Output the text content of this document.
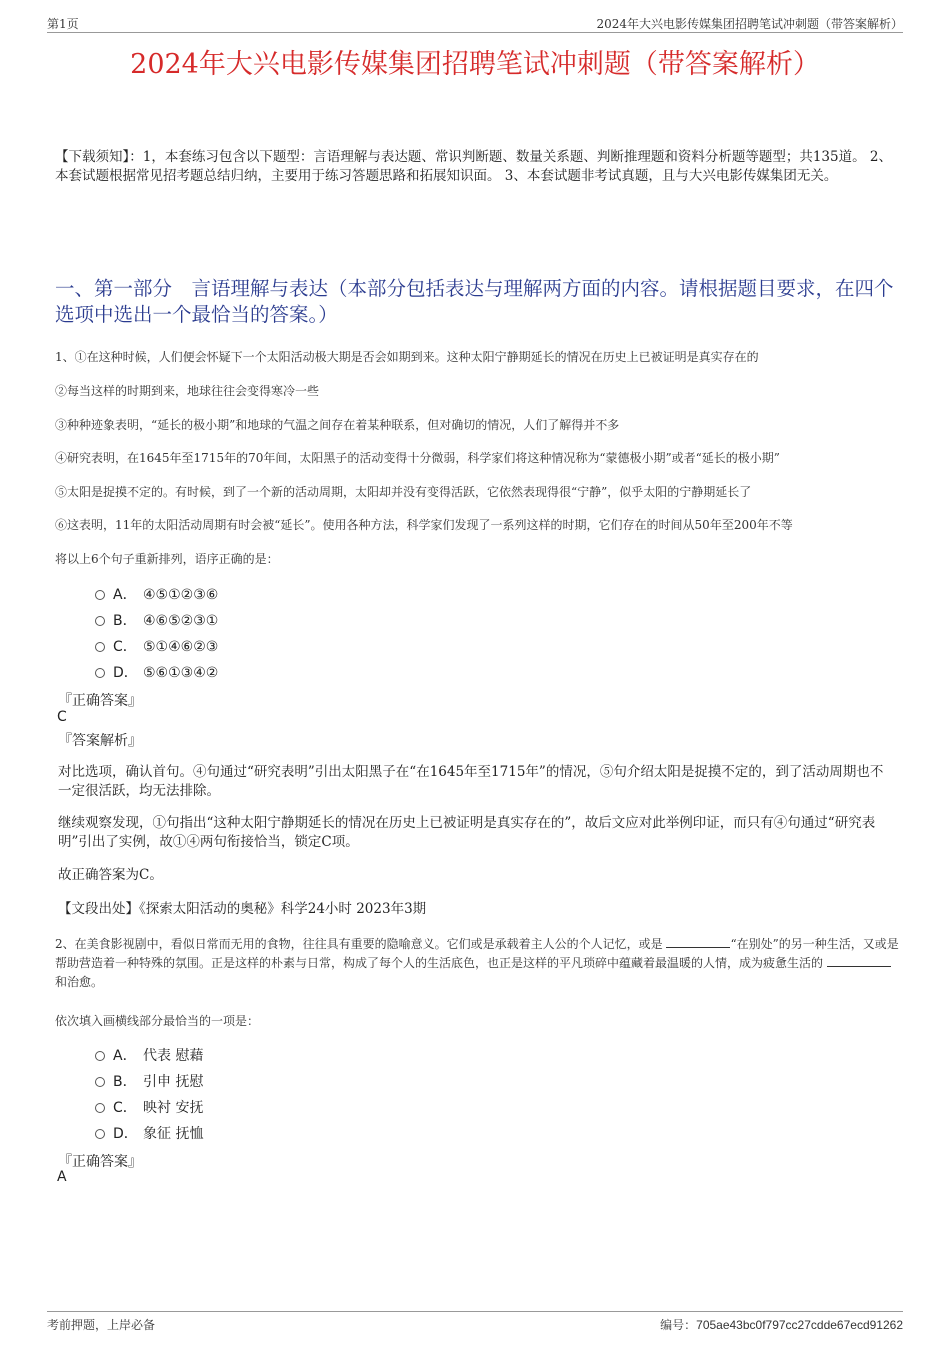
第1页	2024年大兴电影传媒集团招聘笔试冲刺题（带答案解析）
2024年大兴电影传媒集团招聘笔试冲刺题（带答案解析）
【下载须知】：1，本套练习包含以下题型：言语理解与表达题、常识判断题、数量关系题、判断推理题和资料分析题等题型；共135道。 2、本套试题根据常见招考题总结归纳，主要用于练习答题思路和拓展知识面。 3、本套试题非考试真题，且与大兴电影传媒集团无关。
一、第一部分　言语理解与表达（本部分包括表达与理解两方面的内容。请根据题目要求，在四个选项中选出一个最恰当的答案。）
1、①在这种时候，人们便会怀疑下一个太阳活动极大期是否会如期到来。这种太阳宁静期延长的情况在历史上已被证明是真实存在的
②每当这样的时期到来，地球往往会变得寒冷一些
③种种迹象表明，“延长的极小期”和地球的气温之间存在着某种联系，但对确切的情况，人们了解得并不多
④研究表明，在1645年至1715年的70年间，太阳黑子的活动变得十分微弱，科学家们将这种情况称为“蒙德极小期”或者“延长的极小期”
⑤太阳是捉摸不定的。有时候，到了一个新的活动周期，太阳却并没有变得活跃，它依然表现得很“宁静”，似乎太阳的宁静期延长了
⑥这表明，11年的太阳活动周期有时会被“延长”。使用各种方法，科学家们发现了一系列这样的时期，它们存在的时间从50年至200年不等
将以上6个句子重新排列，语序正确的是：
A． ④⑤①②③⑥
B． ④⑥⑤②③①
C． ⑤①④⑥②③
D． ⑤⑥①③④②
『正确答案』
C
『答案解析』
对比选项，确认首句。④句通过“研究表明”引出太阳黑子在“在1645年至1715年”的情况，⑤句介绍太阳是捉摸不定的，到了活动周期也不一定很活跃，均无法排除。
继续观察发现，①句指出“这种太阳宁静期延长的情况在历史上已被证明是真实存在的”，故后文应对此举例印证，而只有④句通过“研究表明”引出了实例，故①④两句衔接恰当，锁定C项。
故正确答案为C。
【文段出处】《探索太阳活动的奥秘》科学24小时 2023年3期
2、在美食影视剧中，看似日常而无用的食物，往往具有重要的隐喻意义。它们或是承载着主人公的个人记忆，或是	“在别处”的另一种生活，又或是帮助营造着一种特殊的氛围。正是这样的朴素与日常，构成了每个人的生活底色，也正是这样的平凡琐碎中蕴藏着最温暖的人情，成为疲惫生活的 和治愈。
依次填入画横线部分最恰当的一项是：
A． 代表 慰藉
B． 引申 抚慰
C． 映衬 安抚
D． 象征 抚恤
『正确答案』
A
考前押题，上岸必备	编号：705ae43bc0f797cc27cdde67ecd91262
